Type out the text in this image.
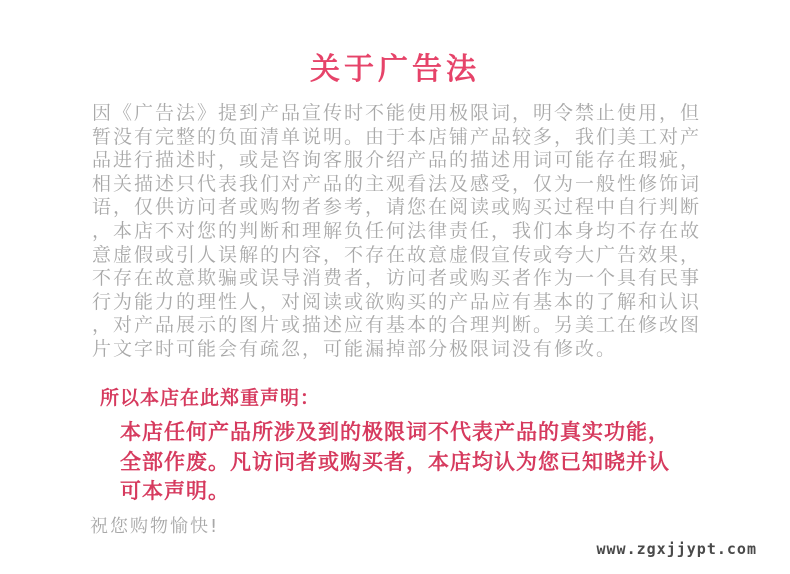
关于广告法
因《广告法》提到产品宣传时不能使用极限词，明令禁止使用，但
暂没有完整的负面清单说明。由于本店铺产品较多，我们美工对产
品进行描述时，或是咨询客服介绍产品的描述用词可能存在瑕疵，
相关描述只代表我们对产品的主观看法及感受，仅为一般性修饰词
语，仅供访问者或购物者参考，请您在阅读或购买过程中自行判断
，本店不对您的判断和理解负任何法律责任，我们本身均不存在故
意虚假或引人误解的内容，不存在故意虚假宣传或夸大广告效果，
不存在故意欺骗或误导消费者，访问者或购买者作为一个具有民事
行为能力的理性人，对阅读或欲购买的产品应有基本的了解和认识
，对产品展示的图片或描述应有基本的合理判断。另美工在修改图
片文字时可能会有疏忽，可能漏掉部分极限词没有修改。
所以本店在此郑重声明：
本店任何产品所涉及到的极限词不代表产品的真实功能，
全部作废。凡访问者或购买者，本店均认为您已知晓并认
可本声明。
祝您购物愉快!
www.zgxjjypt.com
